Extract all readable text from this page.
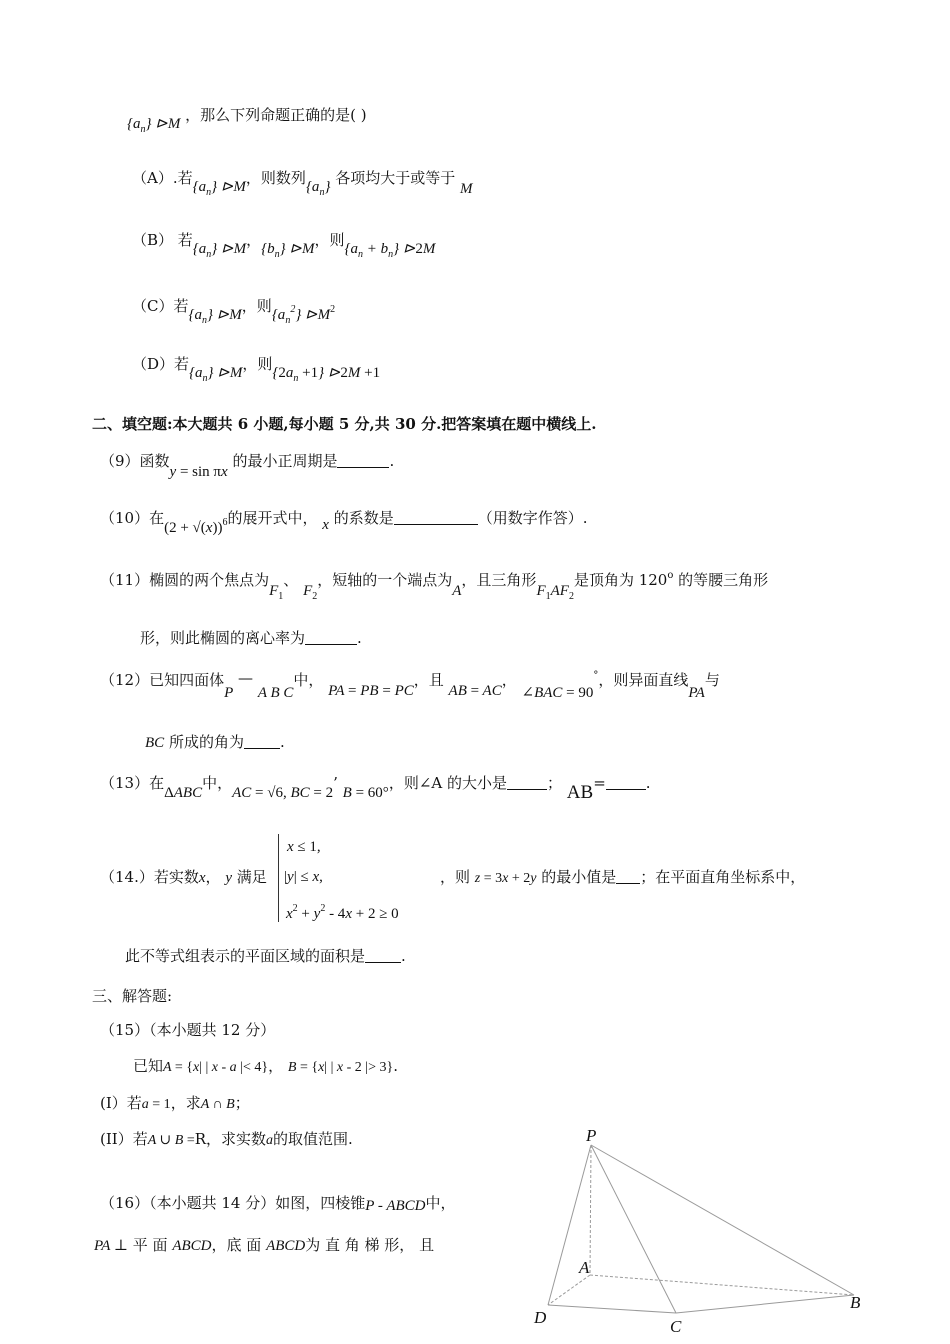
$\{a_n\}$ ⊳M ，那么下列命题正确的是( )
（A）.若$\{a_n\}$ ⊳M，则数列$\{a_n\}$ 各项均大于或等于 M
（B） 若$\{a_n\}$ ⊳M，$\{b_n\}$ ⊳M，则$\{a_n + b_n\}$ ⊳2M
（C）若$\{a_n\}$ ⊳M，则$\{a_n^2\}$ $⊳M^2$
（D）若$\{a_n\}$ ⊳M，则$\{2a_n +1\}$ ⊳2M +1
二、填空题:本大题共 6 小题,每小题 5 分,共 30 分.把答案填在题中横线上.
（9）函数y = sin πx 的最小正周期是	.
（10）在$(2 + √(x))^6$的展开式中， x 的系数是	（用数字作答）.
（11）椭圆的两个焦点为$F_1$、 $F_2$，短轴的一个端点为A，且三角形$F_1AF_2$是顶角为 120$^o$ 的等腰三角形
形，则此椭圆的离心率为	.
（12）已知四面体P — A B C中， PA = PB = PC，且 AB = AC， ∠BAC = 90°，则异面直线PA与
BC 所成的角为 .
（13）在ΔABC中，AC = √6, BC = 2’ B = 60°，则∠A 的大小是	； AB=	.
x ≤ 1,
|y| ≤ x,
$x^2 + y^2 - 4x + 2 \ge 0$
（14.）若实数x， y 满足	，则 z = 3x + 2y 的最小值是 ；在平面直角坐标系中，
此不等式组表示的平面区域的面积是 .
三、解答题:
（15）（本小题共 12 分）
已知A = {x| | x - a |< 4}， B = {x| | x - 2 |> 3}.
(I）若a = 1，求A ∩ B；
(II）若A ∪ B =R，求实数a的取值范围.
（16）（本小题共 14 分）如图，四棱锥P - ABCD中，
PA ⊥ 平 面 ABCD，底 面 ABCD为 直 角 梯 形， 且
P
A
B
C
D
